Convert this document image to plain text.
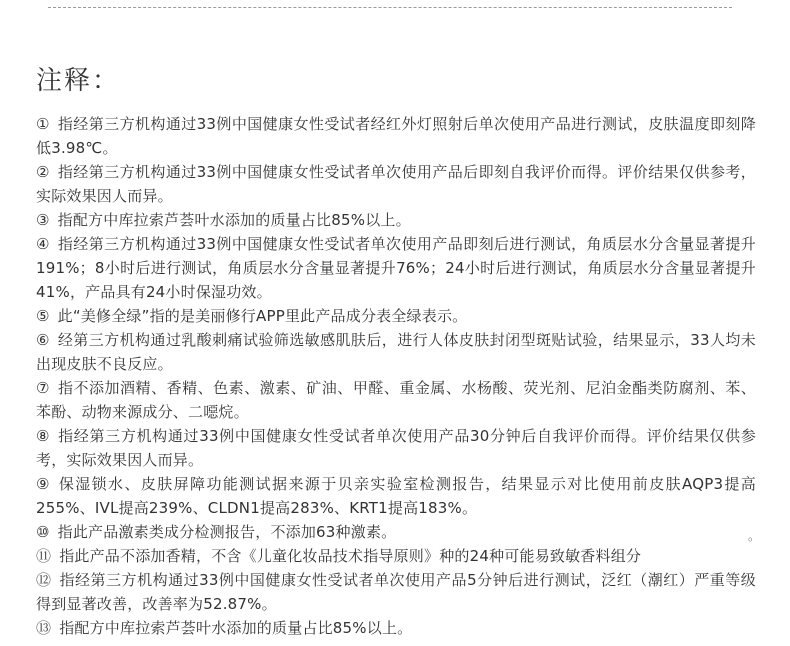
注释：
① 指经第三方机构通过33例中国健康女性受试者经红外灯照射后单次使用产品进行测试，皮肤温度即刻降低3.98℃。
② 指经第三方机构通过33例中国健康女性受试者单次使用产品后即刻自我评价而得。评价结果仅供参考，实际效果因人而异。
③ 指配方中库拉索芦荟叶水添加的质量占比85%以上。
④ 指经第三方机构通过33例中国健康女性受试者单次使用产品即刻后进行测试，角质层水分含量显著提升191%；8小时后进行测试，角质层水分含量显著提升76%；24小时后进行测试，角质层水分含量显著提升41%，产品具有24小时保湿功效。
⑤ 此“美修全绿”指的是美丽修行APP里此产品成分表全绿表示。
⑥ 经第三方机构通过乳酸刺痛试验筛选敏感肌肤后，进行人体皮肤封闭型斑贴试验，结果显示，33人均未出现皮肤不良反应。
⑦ 指不添加酒精、香精、色素、激素、矿油、甲醛、重金属、水杨酸、荧光剂、尼泊金酯类防腐剂、苯、苯酚、动物来源成分、二噁烷。
⑧ 指经第三方机构通过33例中国健康女性受试者单次使用产品30分钟后自我评价而得。评价结果仅供参考，实际效果因人而异。
⑨ 保湿锁水、皮肤屏障功能测试据来源于贝亲实验室检测报告，结果显示对比使用前皮肤AQP3提高255%、IVL提高239%、CLDN1提高283%、KRT1提高183%。
⑩ 指此产品激素类成分检测报告，不添加63种激素。
⑪ 指此产品不添加香精，不含《儿童化妆品技术指导原则》种的24种可能易致敏香料组分
⑫ 指经第三方机构通过33例中国健康女性受试者单次使用产品5分钟后进行测试，泛红（潮红）严重等级得到显著改善，改善率为52.87%。
⑬ 指配方中库拉索芦荟叶水添加的质量占比85%以上。
。
